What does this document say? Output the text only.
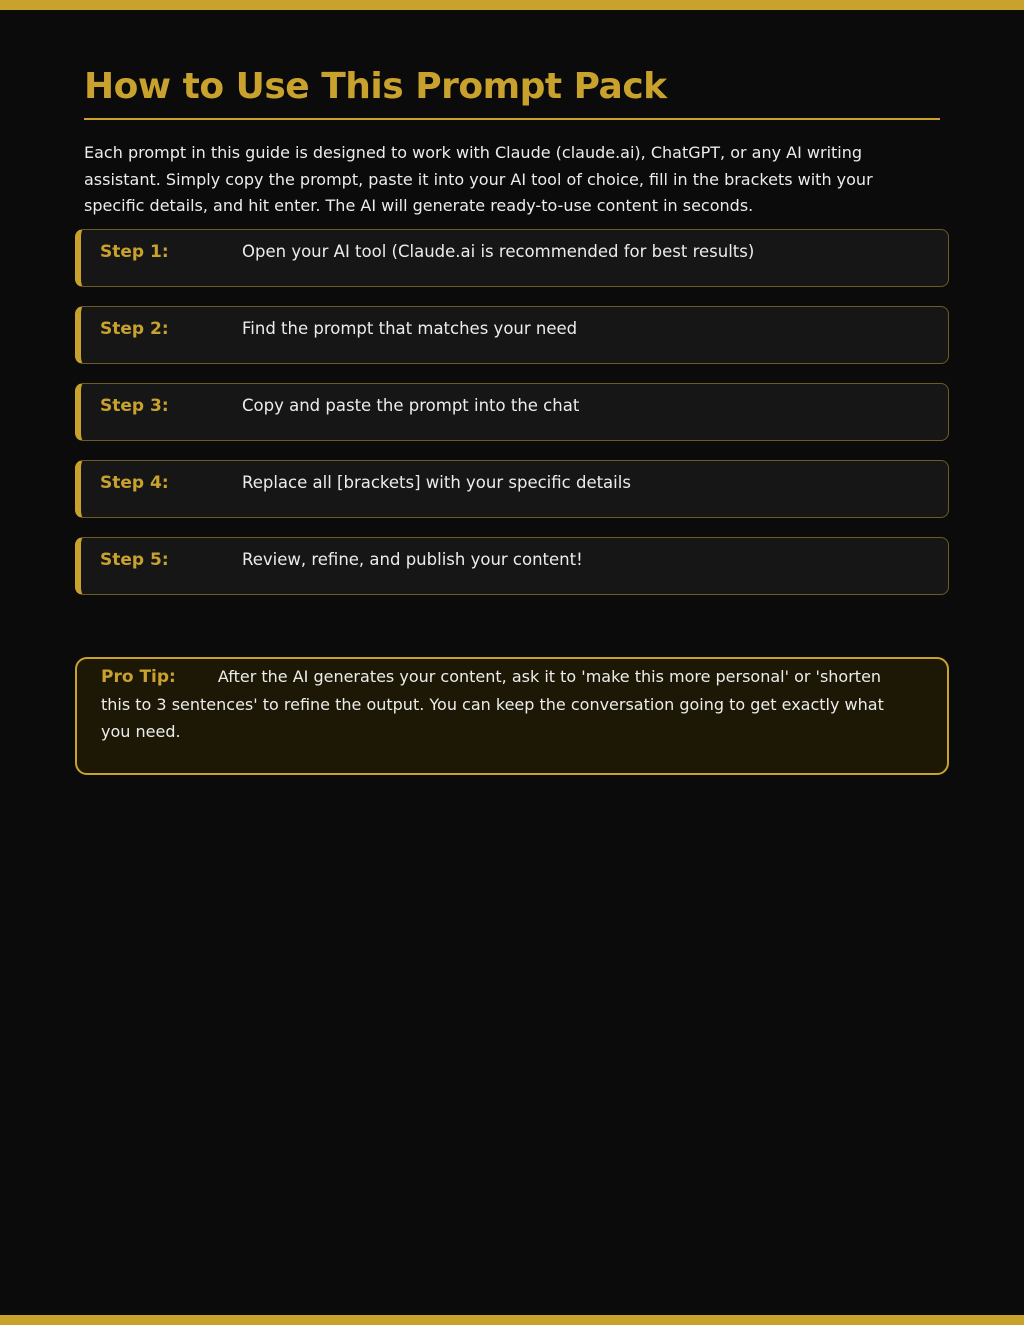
How to Use This Prompt Pack

Each prompt in this guide is designed to work with Claude (claude.ai), ChatGPT, or any AI writing assistant. Simply copy the prompt, paste it into your AI tool of choice, fill in the brackets with your specific details, and hit enter. The AI will generate ready-to-use content in seconds.

Step 1:	Open your AI tool (Claude.ai is recommended for best results)
Step 2:	Find the prompt that matches your need
Step 3:	Copy and paste the prompt into the chat
Step 4:	Replace all [brackets] with your specific details
Step 5:	Review, refine, and publish your content!

Pro Tip:	After the AI generates your content, ask it to 'make this more personal' or 'shorten this to 3 sentences' to refine the output. You can keep the conversation going to get exactly what you need.
